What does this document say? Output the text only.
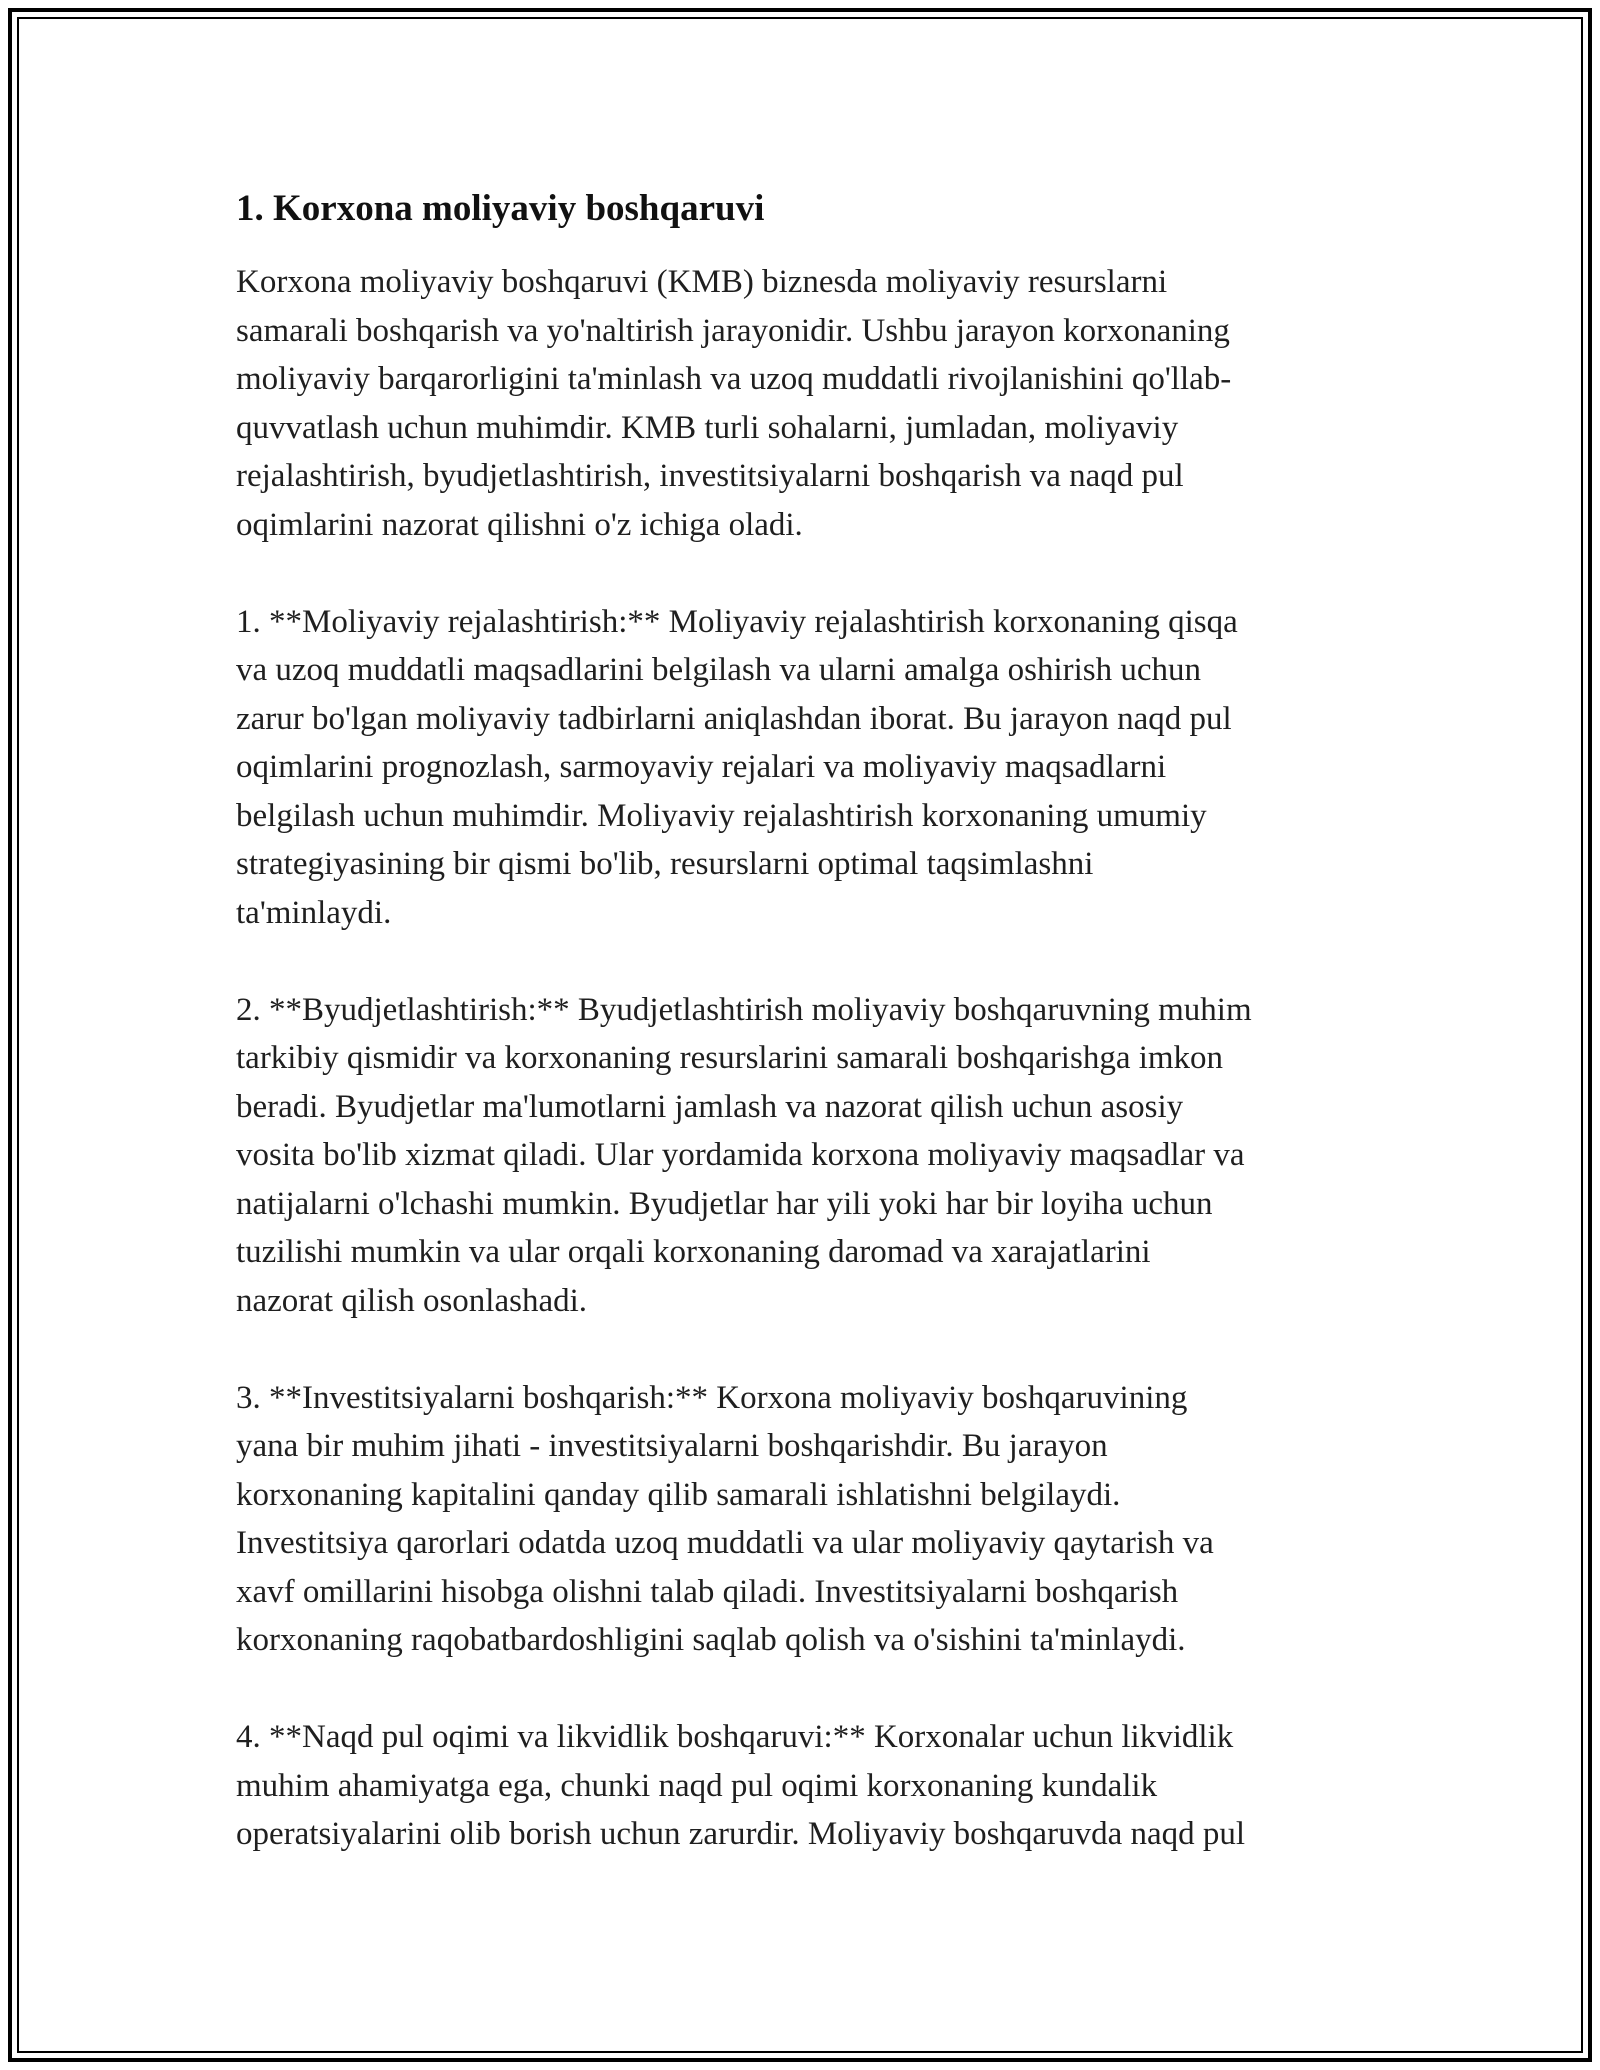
1. Korxona moliyaviy boshqaruvi

Korxona moliyaviy boshqaruvi (KMB) biznesda moliyaviy resurslarni
samarali boshqarish va yo'naltirish jarayonidir. Ushbu jarayon korxonaning
moliyaviy barqarorligini ta'minlash va uzoq muddatli rivojlanishini qo'llab-
quvvatlash uchun muhimdir. KMB turli sohalarni, jumladan, moliyaviy
rejalashtirish, byudjetlashtirish, investitsiyalarni boshqarish va naqd pul
oqimlarini nazorat qilishni o'z ichiga oladi.

1. **Moliyaviy rejalashtirish:** Moliyaviy rejalashtirish korxonaning qisqa
va uzoq muddatli maqsadlarini belgilash va ularni amalga oshirish uchun
zarur bo'lgan moliyaviy tadbirlarni aniqlashdan iborat. Bu jarayon naqd pul
oqimlarini prognozlash, sarmoyaviy rejalari va moliyaviy maqsadlarni
belgilash uchun muhimdir. Moliyaviy rejalashtirish korxonaning umumiy
strategiyasining bir qismi bo'lib, resurslarni optimal taqsimlashni
ta'minlaydi.

2. **Byudjetlashtirish:** Byudjetlashtirish moliyaviy boshqaruvning muhim
tarkibiy qismidir va korxonaning resurslarini samarali boshqarishga imkon
beradi. Byudjetlar ma'lumotlarni jamlash va nazorat qilish uchun asosiy
vosita bo'lib xizmat qiladi. Ular yordamida korxona moliyaviy maqsadlar va
natijalarni o'lchashi mumkin. Byudjetlar har yili yoki har bir loyiha uchun
tuzilishi mumkin va ular orqali korxonaning daromad va xarajatlarini
nazorat qilish osonlashadi.

3. **Investitsiyalarni boshqarish:** Korxona moliyaviy boshqaruvining
yana bir muhim jihati - investitsiyalarni boshqarishdir. Bu jarayon
korxonaning kapitalini qanday qilib samarali ishlatishni belgilaydi.
Investitsiya qarorlari odatda uzoq muddatli va ular moliyaviy qaytarish va
xavf omillarini hisobga olishni talab qiladi. Investitsiyalarni boshqarish
korxonaning raqobatbardoshligini saqlab qolish va o'sishini ta'minlaydi.

4. **Naqd pul oqimi va likvidlik boshqaruvi:** Korxonalar uchun likvidlik
muhim ahamiyatga ega, chunki naqd pul oqimi korxonaning kundalik
operatsiyalarini olib borish uchun zarurdir. Moliyaviy boshqaruvda naqd pul
